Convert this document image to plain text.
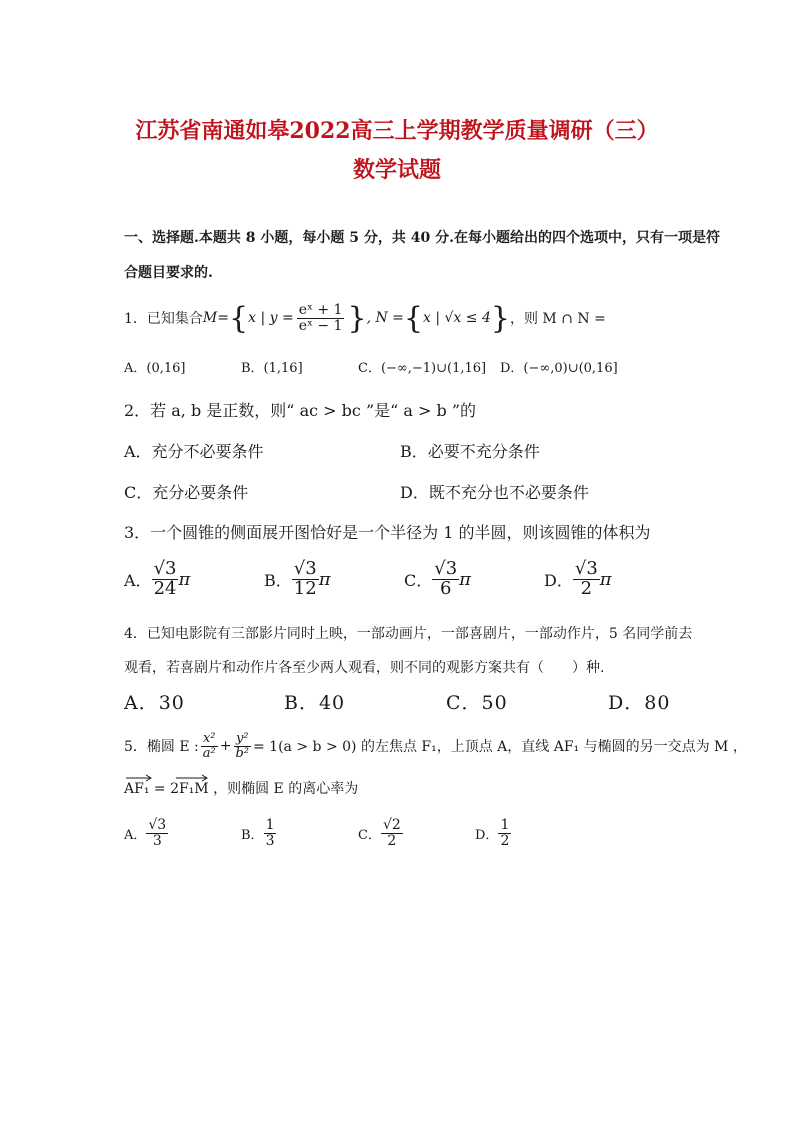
江苏省南通如皋2022高三上学期教学质量调研（三）
数学试题
一、选择题.本题共 8 小题，每小题 5 分，共 40 分.在每小题给出的四个选项中，只有一项是符
合题目要求的.
1．已知集合 M = { x | $y = \frac{\text{eˣ + 1}}{\text{eˣ − 1}}$ } , N = { x | √x ≤ 4 } ，则 M ∩ N =
A．(0,16]	B．(1,16]	C．(−∞,−1)∪(1,16] D．(−∞,0)∪(0,16]
2．若 a, b 是正数，则“ ac > bc ”是“ a > b ”的
A．充分不必要条件	B．必要不充分条件
C．充分必要条件	D．既不充分也不必要条件
3．一个圆锥的侧面展开图恰好是一个半径为 1 的半圆，则该圆锥的体积为
A． $\frac{√3}{24}$ π	B． $\frac{√3}{12}$ π	C． $\frac{√3}{6}$ π	D． $\frac{√3}{2}$ π
4．已知电影院有三部影片同时上映，一部动画片，一部喜剧片，一部动作片，5 名同学前去
观看，若喜剧片和动作片各至少两人观看，则不同的观影方案共有（　　）种.
A．30	B．40	C．50	D．80
5．椭圆 E : $\frac{\text{x²}}{\text{a²}} + \frac{\text{y²}}{\text{b²}} = 1(a > b > 0)$ 的左焦点 F₁，上顶点 A，直线 AF₁ 与椭圆的另一交点为 M ，
AF₁ = 2F₁M ，则椭圆 E 的离心率为
A． $\frac{√3}{3}$	B． $\frac{1}{3}$	C． $\frac{√2}{2}$	D． $\frac{1}{2}$
